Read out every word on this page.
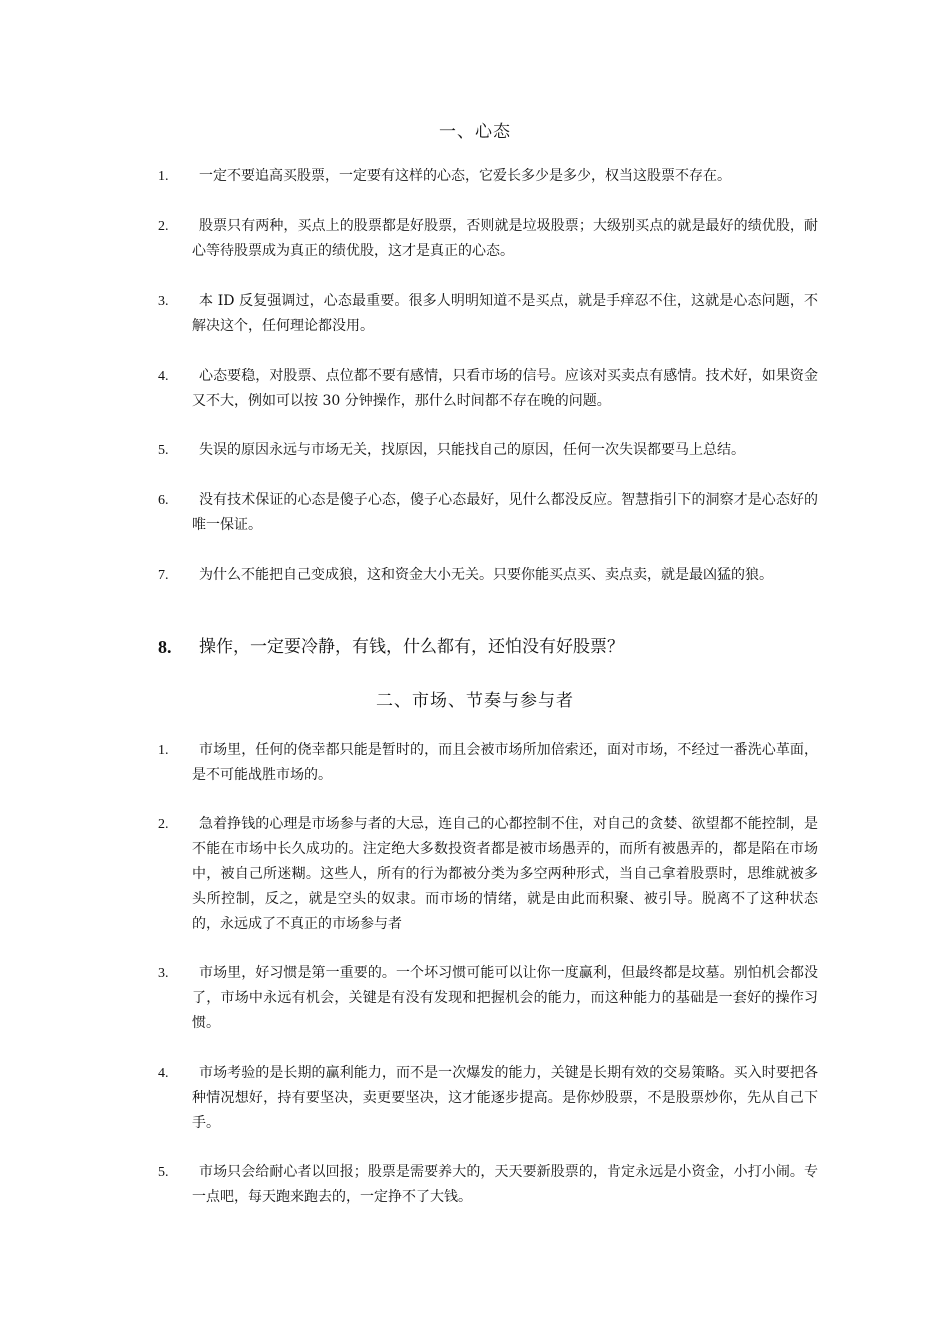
一、心态
1.	一定不要追高买股票，一定要有这样的心态，它爱长多少是多少，权当这股票不存在。
2.	股票只有两种，买点上的股票都是好股票，否则就是垃圾股票；大级别买点的就是最好的绩优股，耐心等待股票成为真正的绩优股，这才是真正的心态。
3.	本 ID 反复强调过，心态最重要。很多人明明知道不是买点，就是手痒忍不住，这就是心态问题，不解决这个，任何理论都没用。
4.	心态要稳，对股票、点位都不要有感情，只看市场的信号。应该对买卖点有感情。技术好，如果资金又不大，例如可以按 30 分钟操作，那什么时间都不存在晚的问题。
5.	失误的原因永远与市场无关，找原因，只能找自己的原因，任何一次失误都要马上总结。
6.	没有技术保证的心态是傻子心态，傻子心态最好，见什么都没反应。智慧指引下的洞察才是心态好的唯一保证。
7.	为什么不能把自己变成狼，这和资金大小无关。只要你能买点买、卖点卖，就是最凶猛的狼。
8.	操作，一定要冷静，有钱，什么都有，还怕没有好股票？
二、市场、节奏与参与者
1.	市场里，任何的侥幸都只能是暂时的，而且会被市场所加倍索还，面对市场，不经过一番洗心革面，是不可能战胜市场的。
2.	急着挣钱的心理是市场参与者的大忌，连自己的心都控制不住，对自己的贪婪、欲望都不能控制，是不能在市场中长久成功的。注定绝大多数投资者都是被市场愚弄的，而所有被愚弄的，都是陷在市场中，被自己所迷糊。这些人，所有的行为都被分类为多空两种形式，当自己拿着股票时，思维就被多头所控制，反之，就是空头的奴隶。而市场的情绪，就是由此而积聚、被引导。脱离不了这种状态的，永远成了不真正的市场参与者
3.	市场里，好习惯是第一重要的。一个坏习惯可能可以让你一度赢利，但最终都是坟墓。别怕机会都没了，市场中永远有机会，关键是有没有发现和把握机会的能力，而这种能力的基础是一套好的操作习惯。
4.	市场考验的是长期的赢利能力，而不是一次爆发的能力，关键是长期有效的交易策略。买入时要把各种情况想好，持有要坚决，卖更要坚决，这才能逐步提高。是你炒股票，不是股票炒你，先从自己下手。
5.	市场只会给耐心者以回报；股票是需要养大的，天天要新股票的，肯定永远是小资金，小打小闹。专一点吧，每天跑来跑去的，一定挣不了大钱。
